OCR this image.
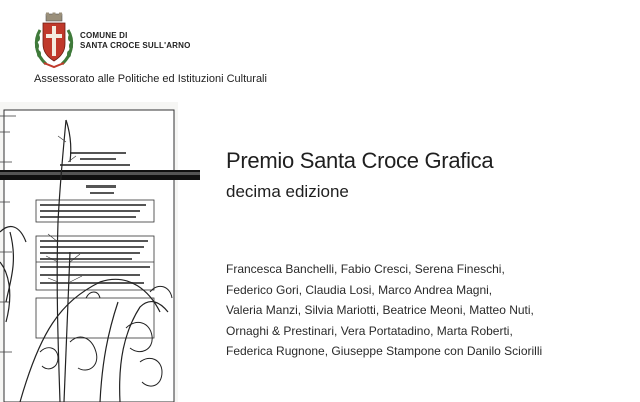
COMUNE DI
SANTA CROCE SULL'ARNO
Assessorato alle Politiche ed Istituzioni Culturali
Premio Santa Croce Grafica
decima edizione
Francesca Banchelli, Fabio Cresci, Serena Fineschi,
Federico Gori, Claudia Losi, Marco Andrea Magni,
Valeria Manzi, Silvia Mariotti, Beatrice Meoni, Matteo Nuti,
Ornaghi & Prestinari, Vera Portatadino, Marta Roberti,
Federica Rugnone, Giuseppe Stampone con Danilo Sciorilli
